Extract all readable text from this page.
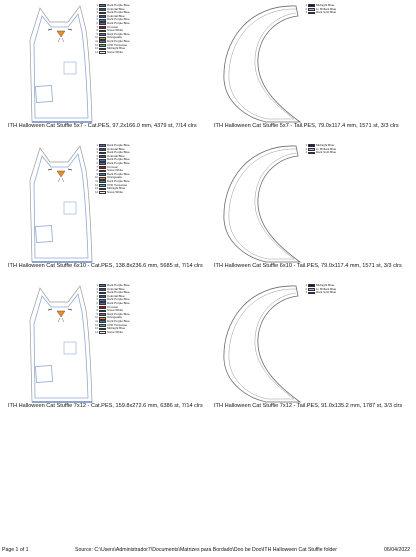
1	Dark Purple Blue
2	Colonial Blue
3	Dark Purple Blue
4	Colonial Blue
5	Dark Purple Blue
6	Dark Purple Blue
7	Crimson
8	Snow White
9	Dark Purple Blue
10	Orangeade
11	Dark Purple Blue
12	VVD Turquoise
13	Midnight Blue
14	Snow White
ITH Halloween Cat Stuffie 5x7 - Cat.PES, 97.2x166.0 mm, 4379 st, 7/14 clrs
1	Midnight Blue
2	Lt. Brillant Blue
3	Dark Smb Blue
ITH Halloween Cat Stuffie 5x7 - Tail.PES, 79.0x117.4 mm, 1571 st, 3/3 clrs
1	Dark Purple Blue
2	Colonial Blue
3	Dark Purple Blue
4	Colonial Blue
5	Dark Purple Blue
6	Dark Purple Blue
7	Crimson
8	Snow White
9	Dark Purple Blue
10	Orangeade
11	Dark Purple Blue
12	VVD Turquoise
13	Midnight Blue
14	Snow White
ITH Halloween Cat Stuffie 6x10 - Cat.PES, 138.8x236.6 mm, 5685 st, 7/14 clrs
1	Midnight Blue
2	Lt. Brillant Blue
3	Dark Smb Blue
ITH Halloween Cat Stuffie 6x10 - Tail.PES, 79.0x117.4 mm, 1571 st, 3/3 clrs
1	Dark Purple Blue
2	Colonial Blue
3	Dark Purple Blue
4	Colonial Blue
5	Dark Purple Blue
6	Dark Purple Blue
7	Crimson
8	Snow White
9	Dark Purple Blue
10	Orangeade
11	Dark Purple Blue
12	VVD Turquoise
13	Midnight Blue
14	Snow White
ITH Halloween Cat Stuffie 7x12 - Cat.PES, 159.8x272.6 mm, 6386 st, 7/14 clrs
1	Midnight Blue
2	Lt. Brillant Blue
3	Dark Smb Blue
ITH Halloween Cat Stuffie 7x12 - Tail.PES, 91.0x135.2 mm, 1787 st, 3/3 clrs
Page 1 of 1	Source: C:\Users\Administrador7\Documents\Matrizes para Bordado\Doo be Doo\ITH Halloween Cat Stuffie folder	06/04/2022
